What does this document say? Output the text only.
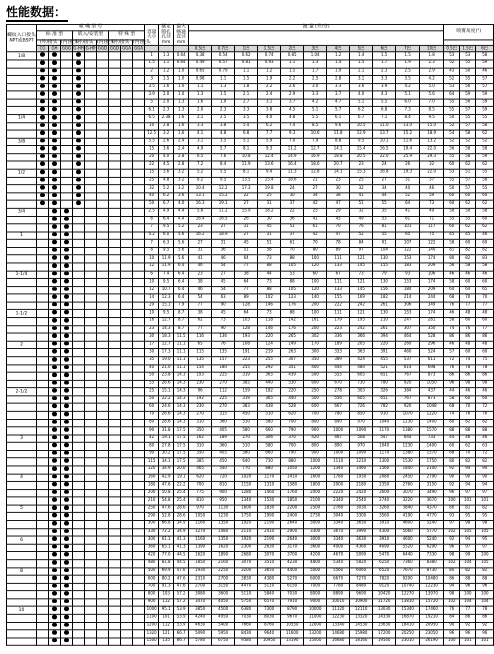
性能数据：
螺纹入口接头NPT或BSPT	喷 嘴 型 号									容量大小	额定喷孔孔径mm	最大畅通直径mm	流 量 (升/分)											喷雾角度(°)		
	标 准 型			嵌入/安装型			特 殊 型																			
	(外)接头		(内)接头	(外)接头		(内)接头	(外)接头		(内)接头																	
	CG	GH	GGG	G-HH	G-HP	GGD	GGD	GGA	GGA				0.5巴	0.7巴	1巴	1.5巴	2巴	3巴	4巴	5巴	6巴	7巴	10巴	0.5巴	1.5巴	6巴
1/8										1	1.3	0.64	0.38	0.54	0.62	0.74	0.85	1.04	1.2	1.4	1.5	1.5	1.8	53	53	58
										1.5	1.1	0.64	0.49	0.57	0.81	0.93	1.1	1.3	1.4	1.5	1.7	1.9	2.3	52	55	59
										2	1.2	1.0	0.65	0.79	1.1	1.2	1.5	1.7	1.9	2.1	2.3	2.5	2.9	43	50	46
										3	1.5	1.0	0.98	1.1	1.5	1.9	2.2	2.5	2.8	3.1	3.3	3.5	4.2	52	55	57
										3.5	1.6	1.0	1.1	1.3	1.8	2.2	2.6	3.0	3.3	3.6	3.9	4.2	5.0	53	56	57
										3.9	2.0	1.0	1.3	1.5	2.1	2.4	2.9	3.3	3.7	4.0	4.3	5.1	5.6	64	59	59
										5	2.0	1.3	1.6	1.9	2.7	3.1	3.7	4.2	4.7	5.1	5.5	6.0	7.0	55	56	59
										6.1	2.3	1.3	2.0	2.3	3.3	3.8	4.5	5.1	5.7	6.2	6.8	7.3	8.5	55	57	59
1/4										6.5	2.38	1.6	2.1	2.5	3.5	4.0	4.8	5.5	6.1	6.7	7.1	8.4	9.5	50	55	55
										10	2.8	1.6	3.3	3.8	5.4	6.2	7.4	8.5	9.6	10.5	11.0	13.0	15.0	52	57	58
										12.5	3.2	1.6	4.1	4.8	6.8	7.7	9.3	10.6	11.8	12.9	13.7	15.2	18.9	54	58	62
3/8										5.5	2.6	2.4	3.1	3.5	5.1	5.9	7.0	7.9	8.8	9.5	10.1	11.6	13.2	52	52	52
										15	3.6	2.4	4.9	5.7	8.1	9.3	11.2	12.7	14.1	15.4	16.5	19.4	22.0	56	58	58
										20	4.0	2.8	6.5	7.6	10.8	12.4	14.9	16.9	18.8	20.5	22.0	25.9	29.3	55	58	59
										22	4.5	2.8	7.2	8.4	11.9	13.6	16.4	18.6	20.7	23	24	26	32	60	62	62
1/2										15	3.6	3.2	5.2	5.5	8.1	9.4	11.3	12.8	14.1	15.3	16.8	19.3	22.0	53	51	55
										25	4.8	3.2	8.2	9.5	13.5	15.4	18.6	21	23	25	27	31	37	55	57	58
										32	5.2	3.2	10.4	12.2	17.3	19.8	24	27	30	32	34	40	46	50	57	55
										40	6.2	3.6	13.1	15.2	22	25	30	34	38	41	44	52	59	60	60	60
										50	6.7	4.0	16.3	19.1	27	31	37	42	47	51	55	64	73	60	62	62
3/4										2.5	4.9	4.4	5.6	11.2	15.9	18.2	22	25	29	32	35	41	49	50	50	58
										6	6.4	4.4	16.4	16.5	26	30	36	41	45	49	53	61	71	55	55	60
										7	9.5	5.2	23	27	31	45	51	61	70	76	81	101	117	60	62	62
1										4.2	6.0	5.6	16.2	18.9	27	31	37	42	47	52	55	65	75	45	45	46
										7	6.3	5.6	27	31	45	51	61	70	78	84	91	107	122	58	60	60
										8	9.5	5.6	31	36	51	58	70	80	89	97	104	122	140	81	82	82
										10	11.9	5.6	41	46	64	73	88	100	111	121	130	153	174	80	82	83
										12	11.9	6.4	46	54	77	88	105	120	133	145	155	183	209	56	58	58
1-1/4										6	7.4	6.4	23	27	38	44	53	60	67	73	79	93	106	46	46	46
										10	9.5	6.4	38	45	64	73	88	100	111	121	130	153	174	58	60	60
										12	10.7	6.4	46	54	77	88	105	120	133	145	156	184	209	64	64	65
										14	12.3	6.4	54	63	89	102	123	140	155	169	182	214	244	68	70	70
										20	15.1	7.9	77	90	128	146	176	200	222	242	261	306	349	76	77	77
1-1/2										10	9.5	8.7	38	45	64	73	88	100	111	121	130	153	174	46	48	48
										16	12.7	8.7	62	73	103	118	142	161	179	195	210	247	281	58	60	60
										23	14.3	8.7	77	90	128	146	176	200	223	242	261	307	350	74	76	77
										30	18.3	11.5	116	136	193	220	265	302	336	366	394	464	528	86	86	86
2										17	12.7	11.1	65	76	108	124	149	170	189	205	220	260	296	46	48	48
										30	17.3	11.1	115	135	191	219	263	300	333	363	391	460	524	57	60	60
										35	19.0	11.1	135	157	223	255	307	350	389	424	455	537	611	72	74	75
										40	21.0	11.1	154	180	255	292	351	400	444	484	521	614	698	76	78	78
										50	23.8	14.3	193	225	319	365	439	500	555	605	651	767	873	86	86	86
										55	26.6	14.3	230	270	385	440	530	600	670	730	780	920	1050	96	98	98
2-1/2										25	15.1	14.3	96	112	159	182	220	250	278	303	326	384	437	44	46	46
										50	22.2	14.3	192	225	319	365	440	500	556	605	651	767	873	58	60	60
										60	24.6	14.3	230	270	383	438	528	600	667	726	782	920	1048	68	70	72
										70	26.6	14.3	270	315	450	510	620	700	780	850	910	1070	1220	74	76	76
										80	28.6	14.3	310	360	510	580	700	800	890	970	1040	1230	1400	80	82	82
										90	31.8	17.5	350	405	580	660	790	900	1000	1090	1170	1380	1570	88	88	88
3										42	19.1	17.5	162	189	270	306	370	420	467	508	547	644	733	44	46	46
										80	27.8	17.5	310	360	510	580	700	800	890	970	1040	1230	1400	60	62	63
										90	30.2	17.5	350	405	580	660	790	900	1000	1090	1170	1380	1570	68	70	72
										115	34.1	17.5	385	450	640	730	880	1000	1110	1210	1300	1530	1750	80	82	82
										120	34.9	20.6	465	540	770	880	1050	1200	1340	1460	1560	1840	2100	92	94	94
4										160	42.9	19.1	620	720	1020	1170	1410	1600	1780	1930	2080	2450	2790	90	90	90
										180	47.6	22.2	700	810	1150	1310	1580	1800	2000	2180	2350	2760	3150	92	94	94
										200	50.8	25.4	775	900	1280	1460	1760	2000	2220	2420	2600	3070	3490	96	97	97
										210	54.8	25.4	810	950	1340	1530	1850	2100	2340	2540	2740	3220	3670	100	101	101
5										250	47.6	28.6	970	1130	1600	1830	2200	2500	2780	3030	3260	3840	4370	80	81	82
										290	52.8	28.6	1050	1230	1750	1990	2400	2730	3040	3300	3560	4190	4770	93	95	95
										300	66.8	34.9	1160	1350	1920	2190	2640	3000	3340	3630	3910	4600	5240	97	98	98
										330	72.2	34.9	1270	1480	2110	2410	2900	3300	3670	3990	4300	5060	5770	102	105	105
6										300	61.1	41.3	1160	1350	1920	2190	2640	3000	3340	3630	3910	4600	5240	92	94	95
										360	65.1	41.3	1390	1620	2300	2630	3170	3600	4000	4360	4690	5520	6290	96	97	97
										420	77.0	44.5	1620	1890	2680	3070	3700	4200	4670	5090	5470	6440	7330	98	99	100
										480	81.8	44.5	1850	2160	3070	3510	4230	4800	5340	5820	6250	7360	8380	102	104	105
8										500	69.9	47.6	1930	2250	3200	3650	4400	5000	5560	6060	6520	7670	8730	80	82	82
										600	80.2	47.6	2310	2700	3830	4380	5270	6000	6670	7270	7820	9200	10480	86	88	88
										700	91.3	47.6	2700	3150	4470	5110	6150	7000	7780	8480	9120	10740	12230	94	96	96
										800	103	57.2	3080	3600	5110	5840	7030	8000	8890	9690	10420	12270	13970	98	100	100
										900	112	57.2	3470	4050	5750	6570	7910	9000	10010	10900	11720	13810	15720	102	104	104
10										1000	95.1	53.9	3850	4500	6380	7300	8790	10000	11120	12110	13030	15340	17460	76	77	78
										1100	101	53.9	4240	4950	7030	8030	9670	11000	12230	13320	14330	16870	19210	84	86	86
										1200	112	53.9	4630	5400	7660	8760	10550	12000	13340	14530	15630	18410	20950	90	92	92
										1320	121	66.7	5090	5950	8430	9640	11600	13200	14680	15980	17200	20250	23050	96	96	96
										1500	135	66.7	5780	6750	9580	10950	13190	15000	16680	18160	19540	23010	26190	100	101	101
